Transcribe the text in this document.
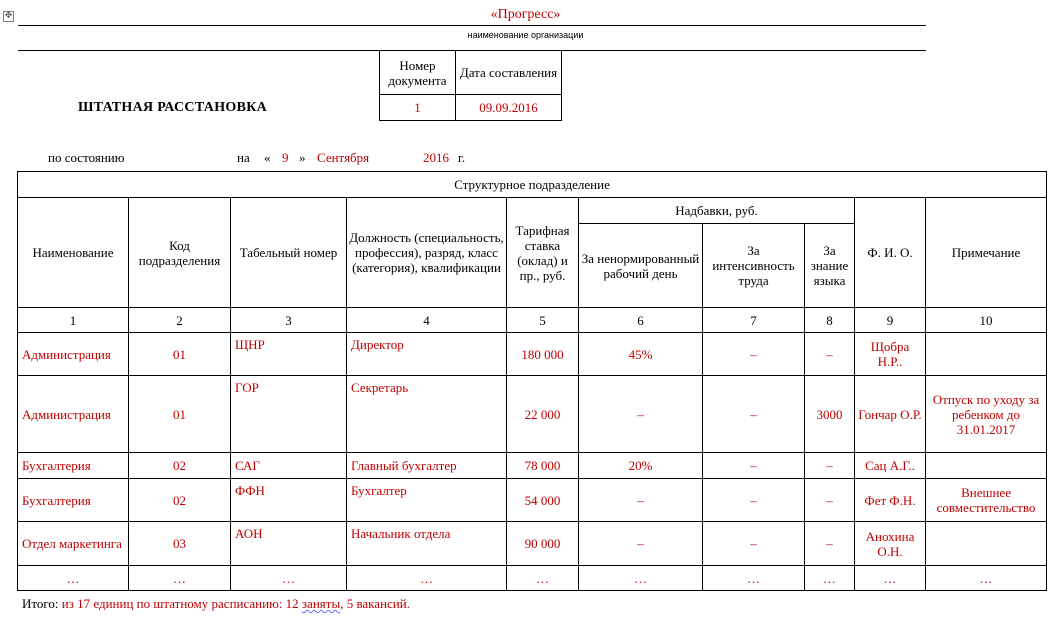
✥	«Прогресс»
наименование организации
ШТАТНАЯ РАССТАНОВКА
Номер документа	Дата составления
1	09.09.2016
по состоянию	на « 9 » Сентября	2016 г.
Структурное подразделение									
Наименование	Код подразделения	Табельный номер	Должность (специальность, профессия), разряд, класс (категория), квалификации	Тарифная ставка (оклад) и пр., руб.	Надбавки, руб.			Ф. И. О.	Примечание
					За ненормированный рабочий день	За интенсивность труда	За знание языка		
1	2	3	4	5	6	7	8	9	10
Администрация	01	ЩНР	Директор	180 000	45%	–	–	Щобра Н.Р..	
Администрация	01	ГОР	Секретарь	22 000	–	–	3000	Гончар О.Р.	Отпуск по уходу за ребенком до 31.01.2017
Бухгалтерия	02	САГ	Главный бухгалтер	78 000	20%	–	–	Сац А.Г..	
Бухгалтерия	02	ФФН	Бухгалтер	54 000	–	–	–	Фет Ф.Н.	Внешнее совместительство
Отдел маркетинга	03	АОН	Начальник отдела	90 000	–	–	–	Анохина О.Н.	
…	…	…	…	…	…	…	…	…	…
Итого: из 17 единиц по штатному расписанию: 12 заняты, 5 вакансий.
